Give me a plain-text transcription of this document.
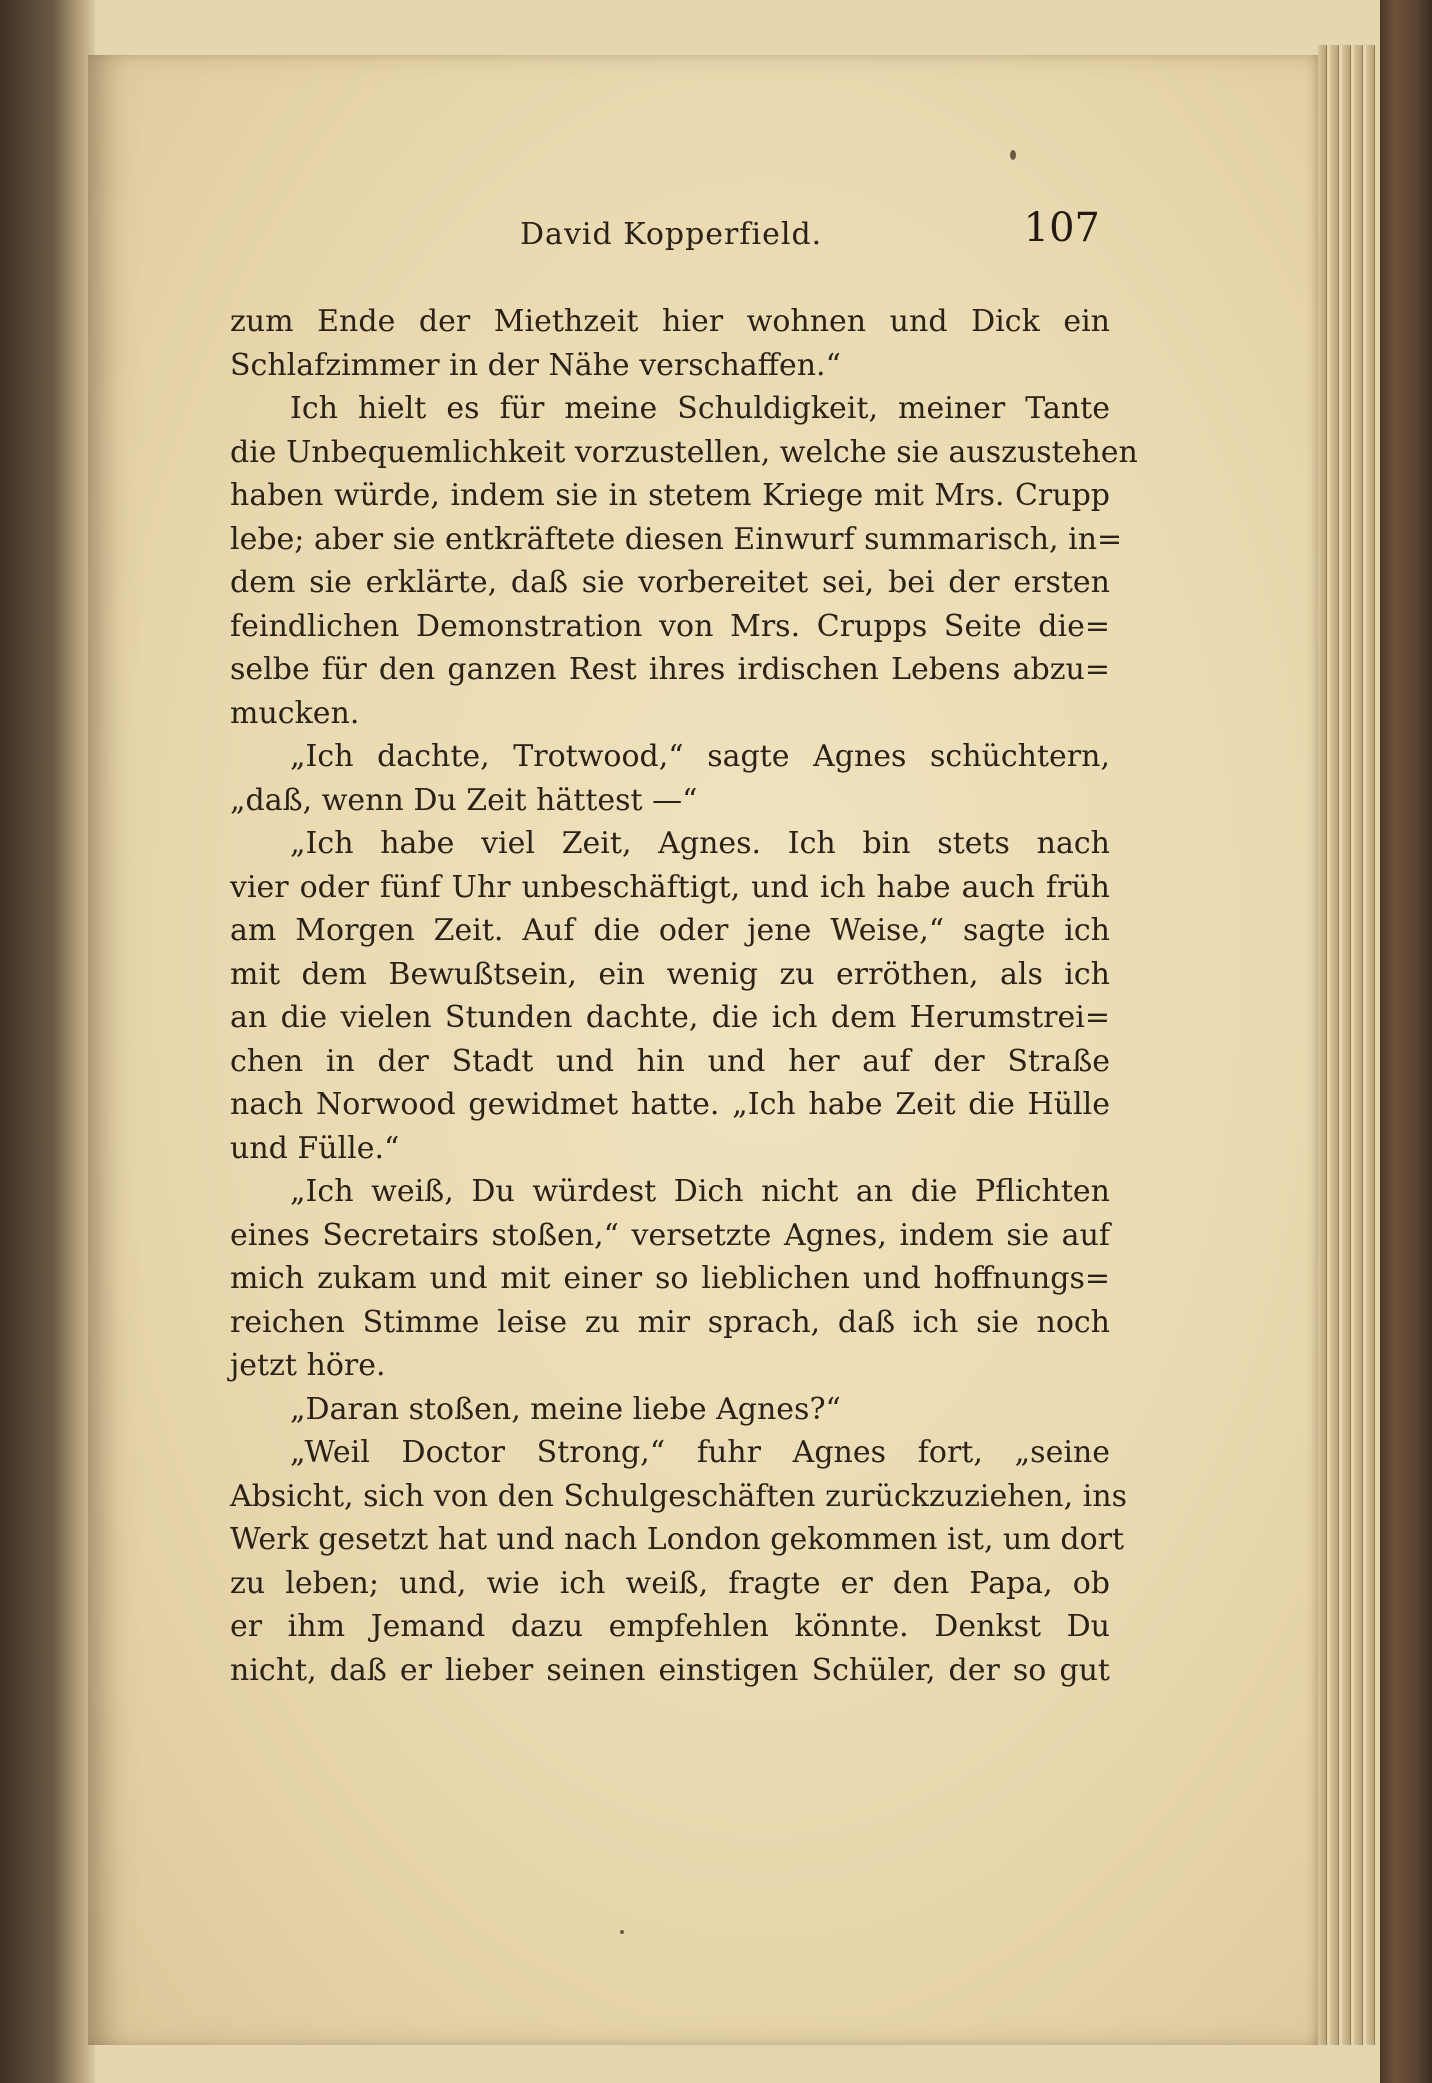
David Kopperfield.	107
zum Ende der Miethzeit hier wohnen und Dick ein
Schlafzimmer in der Nähe verschaffen.“
Ich hielt es für meine Schuldigkeit, meiner Tante
die Unbequemlichkeit vorzustellen, welche sie auszustehen
haben würde, indem sie in stetem Kriege mit Mrs. Crupp
lebe; aber sie entkräftete diesen Einwurf summarisch, in=
dem sie erklärte, daß sie vorbereitet sei, bei der ersten
feindlichen Demonstration von Mrs. Crupps Seite die=
selbe für den ganzen Rest ihres irdischen Lebens abzu=
mucken.
„Ich dachte, Trotwood,“ sagte Agnes schüchtern,
„daß, wenn Du Zeit hättest —“
„Ich habe viel Zeit, Agnes. Ich bin stets nach
vier oder fünf Uhr unbeschäftigt, und ich habe auch früh
am Morgen Zeit. Auf die oder jene Weise,“ sagte ich
mit dem Bewußtsein, ein wenig zu erröthen, als ich
an die vielen Stunden dachte, die ich dem Herumstrei=
chen in der Stadt und hin und her auf der Straße
nach Norwood gewidmet hatte. „Ich habe Zeit die Hülle
und Fülle.“
„Ich weiß, Du würdest Dich nicht an die Pflichten
eines Secretairs stoßen,“ versetzte Agnes, indem sie auf
mich zukam und mit einer so lieblichen und hoffnungs=
reichen Stimme leise zu mir sprach, daß ich sie noch
jetzt höre.
„Daran stoßen, meine liebe Agnes?“
„Weil Doctor Strong,“ fuhr Agnes fort, „seine
Absicht, sich von den Schulgeschäften zurückzuziehen, ins
Werk gesetzt hat und nach London gekommen ist, um dort
zu leben; und, wie ich weiß, fragte er den Papa, ob
er ihm Jemand dazu empfehlen könnte. Denkst Du
nicht, daß er lieber seinen einstigen Schüler, der so gut
